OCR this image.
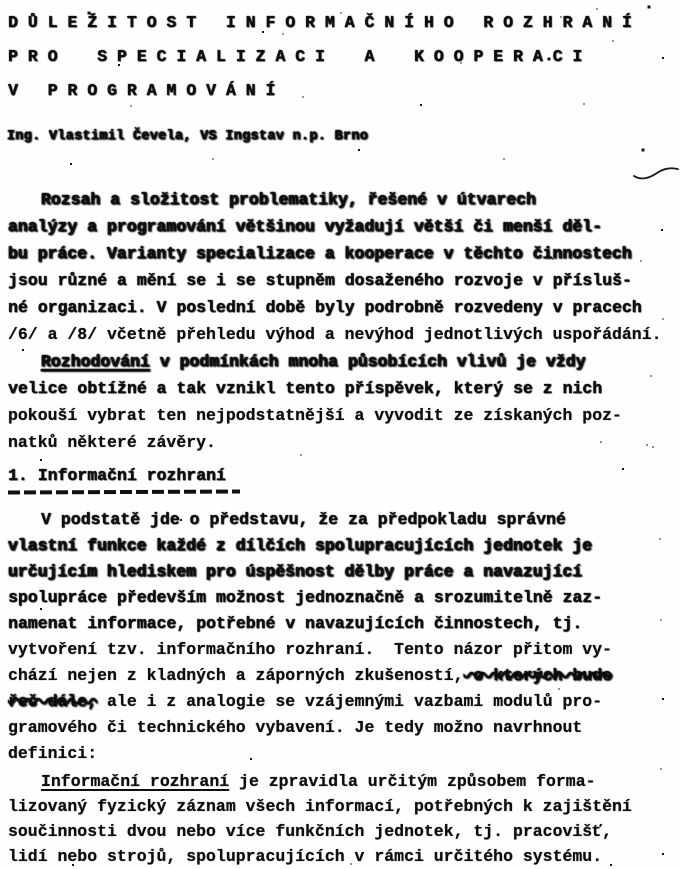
D Ů L E Ž I T O S T   I N F O R M A Č N Í H O   R O Z H R A N Í
P R O    S P E C I A L I Z A C I    A    K O O P E R A C I
V   P R O G R A M O V Á N Í
Ing. Vlastimil Čevela, VS Ingstav n.p. Brno
Rozsah a složitost problematiky, řešené v útvarech
analýzy a programování většinou vyžadují větší či menší děl-
bu práce. Varianty specializace a kooperace v těchto činnostech
jsou různé a mění se i se stupněm dosaženého rozvoje v přísluš-
né organizaci. V poslední době byly podrobně rozvedeny v pracech
/6/ a /8/ včetně přehledu výhod a nevýhod jednotlivých uspořádání.
Rozhodování v podmínkách mnoha působících vlivů je vždy
velice obtížné a tak vznikl tento příspěvek, který se z nich
pokouší vybrat ten nejpodstatnější a vyvodit ze získaných poz-
natků některé závěry.
1. Informační rozhraní
V podstatě jde o představu, že za předpokladu správné
vlastní funkce každé z dílčích spolupracujících jednotek je
určujícím hlediskem pro úspěšnost dělby práce a navazující
spolupráce především možnost jednoznačně a srozumitelně zaz-
namenat informace, potřebné v navazujících činnostech, tj.
vytvoření tzv. informačního rozhraní.  Tento názor přitom vy-
chází nejen z kladných a záporných zkušeností, o kterých bude
řeč dále, ale i z analogie se vzájemnými vazbami modulů pro-
gramového či technického vybavení. Je tedy možno navrhnout
definici:
Informační rozhraní je zpravidla určitým způsobem forma-
lizovaný fyzický záznam všech informací, potřebných k zajištění
součinnosti dvou nebo více funkčních jednotek, tj. pracovišť,
lidí nebo strojů, spolupracujících v rámci určitého systému.
